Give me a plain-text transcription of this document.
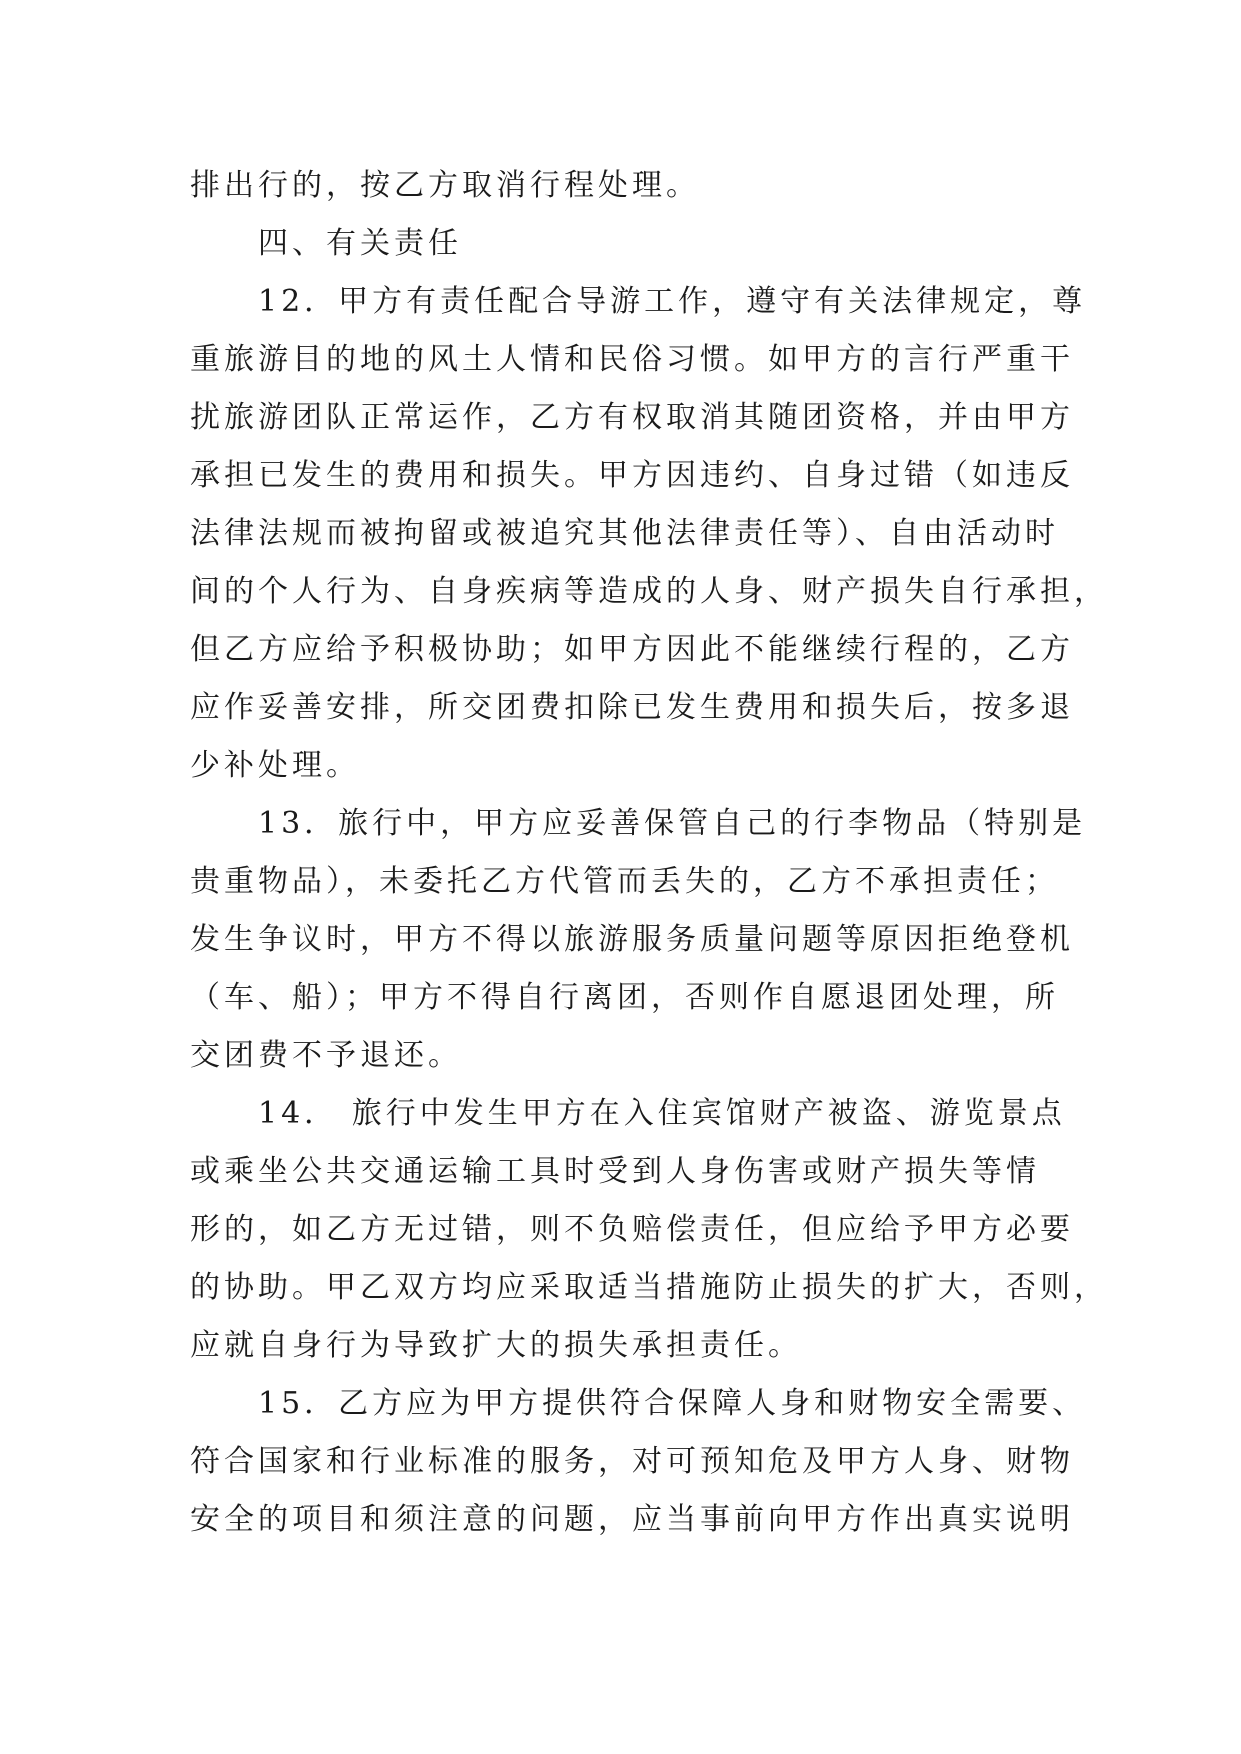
排出行的，按乙方取消行程处理。
四、有关责任
12．甲方有责任配合导游工作，遵守有关法律规定，尊
重旅游目的地的风土人情和民俗习惯。如甲方的言行严重干
扰旅游团队正常运作，乙方有权取消其随团资格，并由甲方
承担已发生的费用和损失。甲方因违约、自身过错（如违反
法律法规而被拘留或被追究其他法律责任等）、自由活动时
间的个人行为、自身疾病等造成的人身、财产损失自行承担，
但乙方应给予积极协助；如甲方因此不能继续行程的，乙方
应作妥善安排，所交团费扣除已发生费用和损失后，按多退
少补处理。
13．旅行中，甲方应妥善保管自己的行李物品（特别是
贵重物品），未委托乙方代管而丢失的，乙方不承担责任；
发生争议时，甲方不得以旅游服务质量问题等原因拒绝登机
（车、船）；甲方不得自行离团，否则作自愿退团处理，所
交团费不予退还。
14． 旅行中发生甲方在入住宾馆财产被盗、游览景点
或乘坐公共交通运输工具时受到人身伤害或财产损失等情
形的，如乙方无过错，则不负赔偿责任，但应给予甲方必要
的协助。甲乙双方均应采取适当措施防止损失的扩大，否则，
应就自身行为导致扩大的损失承担责任。
15．乙方应为甲方提供符合保障人身和财物安全需要、
符合国家和行业标准的服务，对可预知危及甲方人身、财物
安全的项目和须注意的问题，应当事前向甲方作出真实说明
